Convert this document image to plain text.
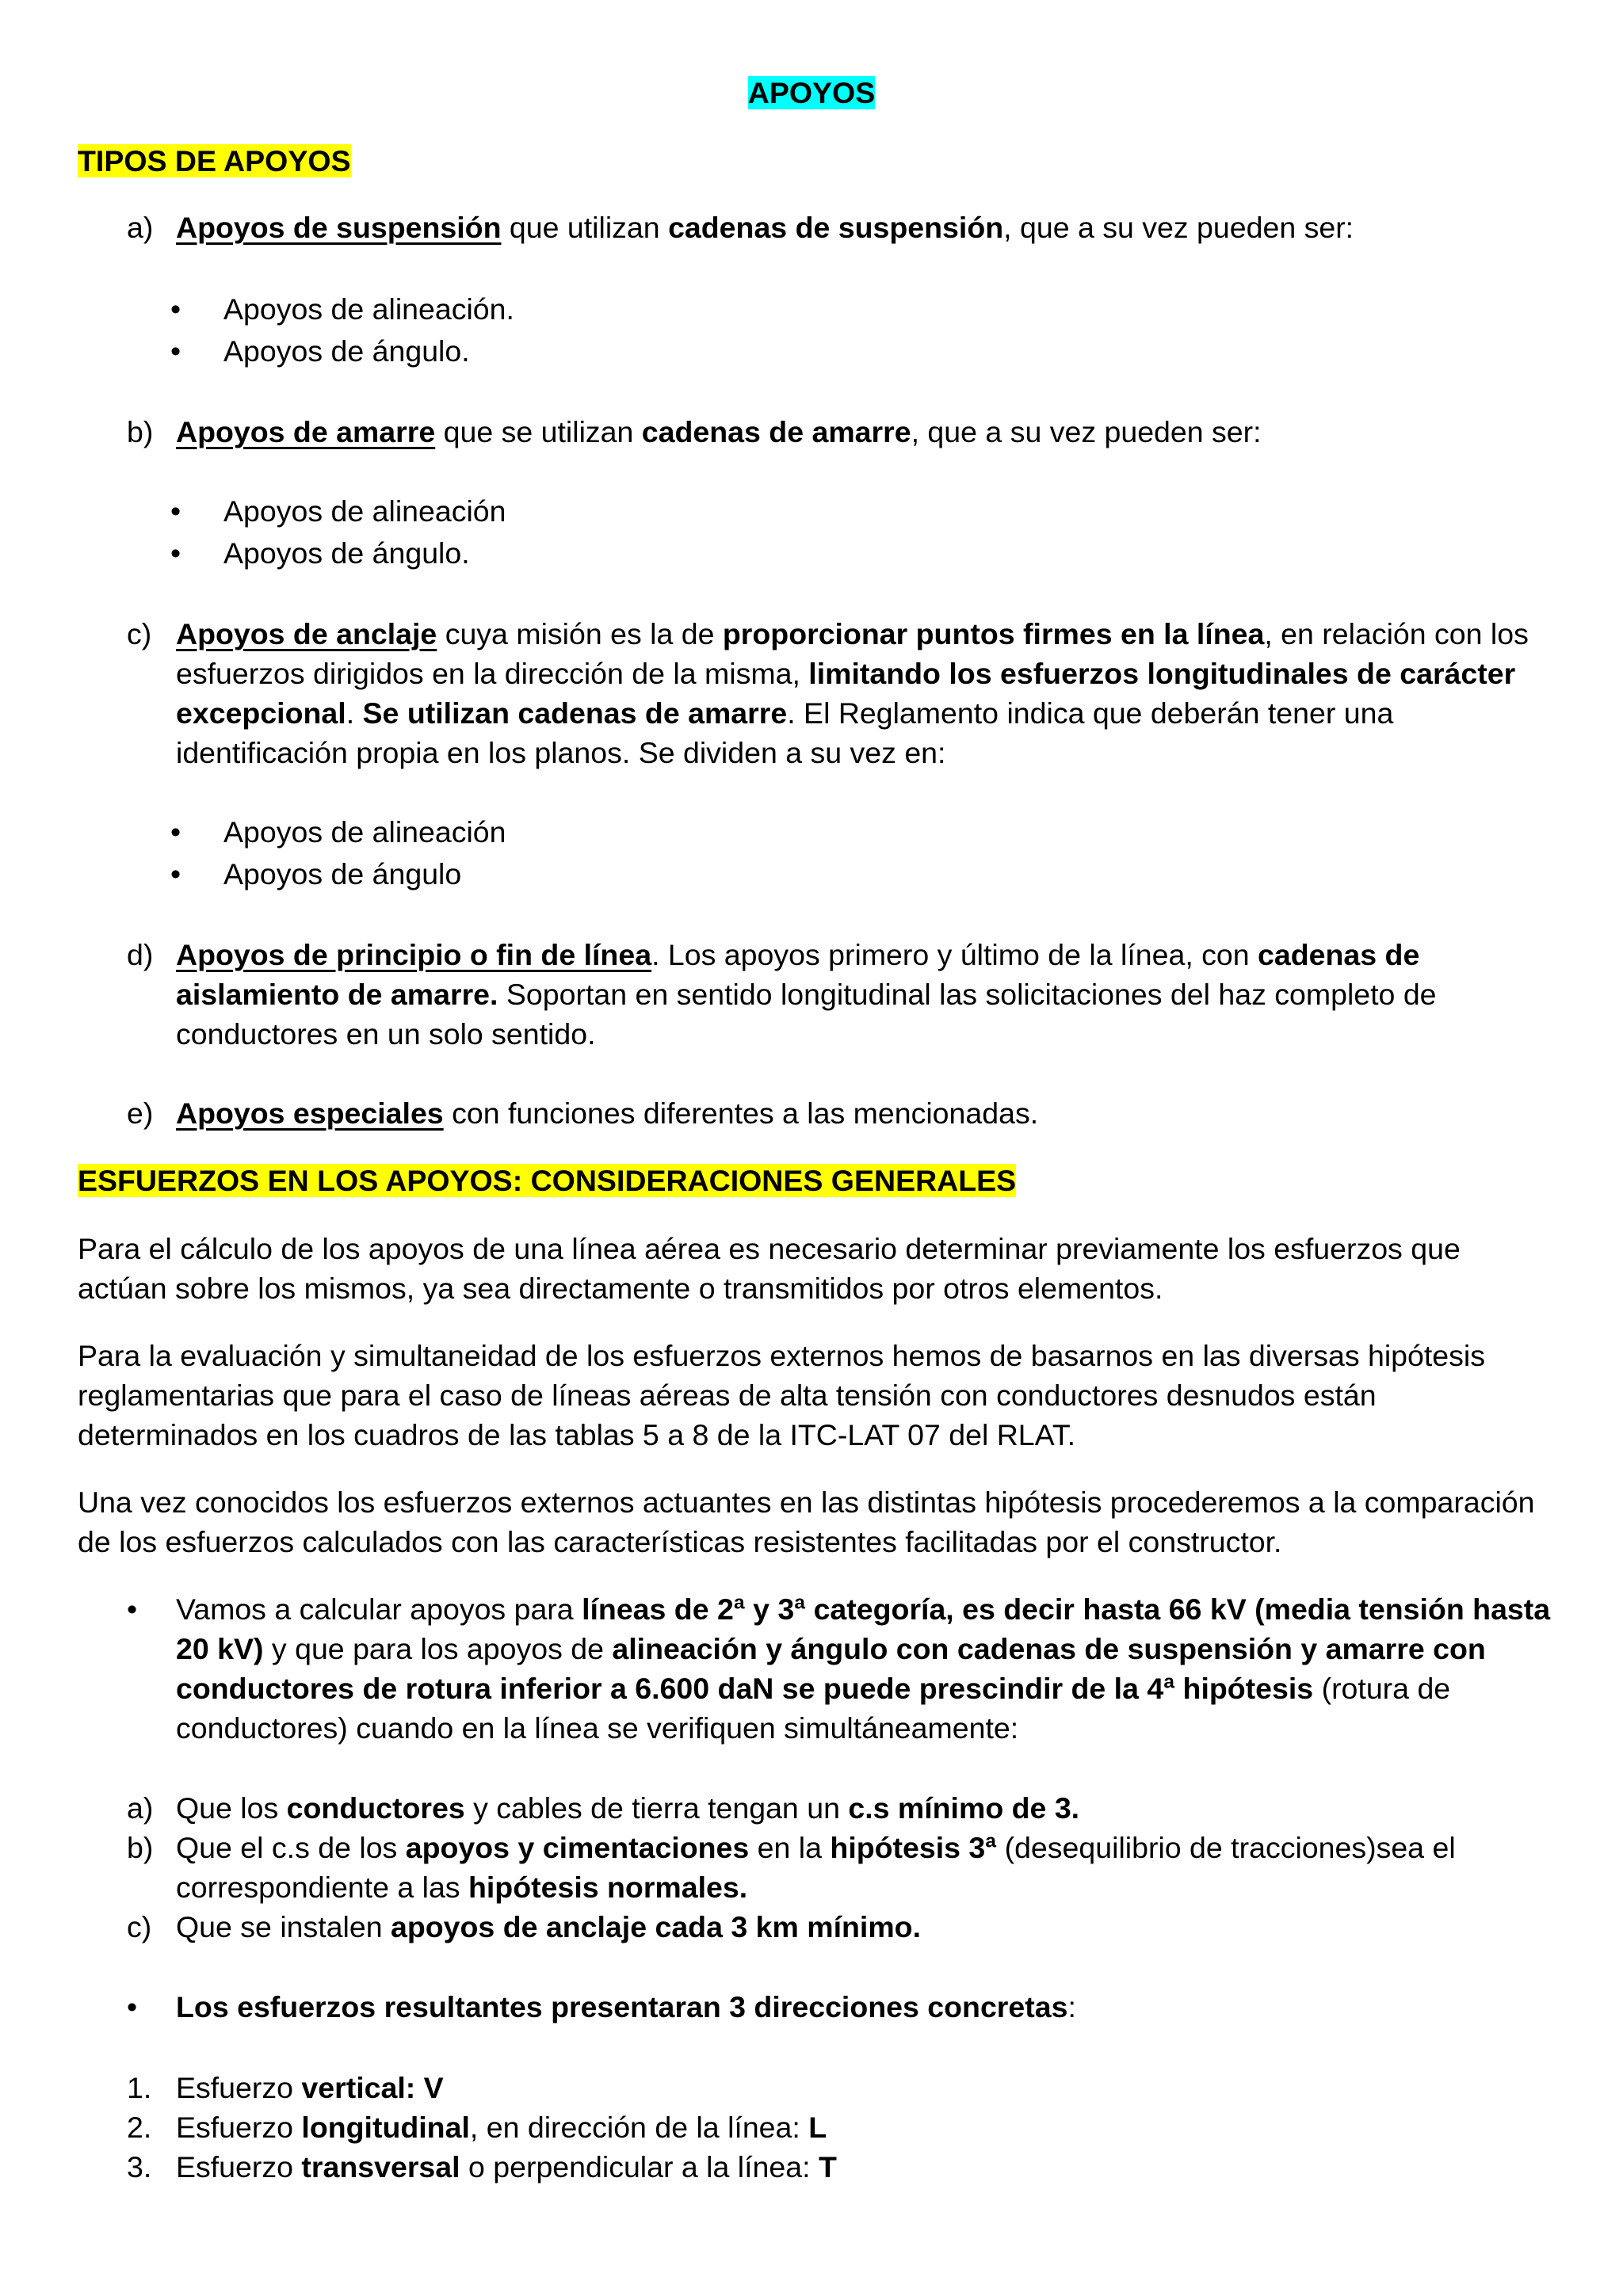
APOYOS

TIPOS DE APOYOS

a) Apoyos de suspensión que utilizan cadenas de suspensión, que a su vez pueden ser:
• Apoyos de alineación.
• Apoyos de ángulo.
b) Apoyos de amarre que se utilizan cadenas de amarre, que a su vez pueden ser:
• Apoyos de alineación
• Apoyos de ángulo.
c) Apoyos de anclaje cuya misión es la de proporcionar puntos firmes en la línea, en relación con los esfuerzos dirigidos en la dirección de la misma, limitando los esfuerzos longitudinales de carácter excepcional. Se utilizan cadenas de amarre. El Reglamento indica que deberán tener una identificación propia en los planos. Se dividen a su vez en:
• Apoyos de alineación
• Apoyos de ángulo
d) Apoyos de principio o fin de línea. Los apoyos primero y último de la línea, con cadenas de aislamiento de amarre. Soportan en sentido longitudinal las solicitaciones del haz completo de conductores en un solo sentido.
e) Apoyos especiales con funciones diferentes a las mencionadas.

ESFUERZOS EN LOS APOYOS: CONSIDERACIONES GENERALES

Para el cálculo de los apoyos de una línea aérea es necesario determinar previamente los esfuerzos que actúan sobre los mismos, ya sea directamente o transmitidos por otros elementos.
Para la evaluación y simultaneidad de los esfuerzos externos hemos de basarnos en las diversas hipótesis reglamentarias que para el caso de líneas aéreas de alta tensión con conductores desnudos están determinados en los cuadros de las tablas 5 a 8 de la ITC-LAT 07 del RLAT.
Una vez conocidos los esfuerzos externos actuantes en las distintas hipótesis procederemos a la comparación de los esfuerzos calculados con las características resistentes facilitadas por el constructor.
• Vamos a calcular apoyos para líneas de 2ª y 3ª categoría, es decir hasta 66 kV (media tensión hasta 20 kV) y que para los apoyos de alineación y ángulo con cadenas de suspensión y amarre con conductores de rotura inferior a 6.600 daN se puede prescindir de la 4ª hipótesis (rotura de conductores) cuando en la línea se verifiquen simultáneamente:
a) Que los conductores y cables de tierra tengan un c.s mínimo de 3.
b) Que el c.s de los apoyos y cimentaciones en la hipótesis 3ª (desequilibrio de tracciones)sea el correspondiente a las hipótesis normales.
c) Que se instalen apoyos de anclaje cada 3 km mínimo.
• Los esfuerzos resultantes presentaran 3 direcciones concretas:
1. Esfuerzo vertical: V
2. Esfuerzo longitudinal, en dirección de la línea: L
3. Esfuerzo transversal o perpendicular a la línea: T
